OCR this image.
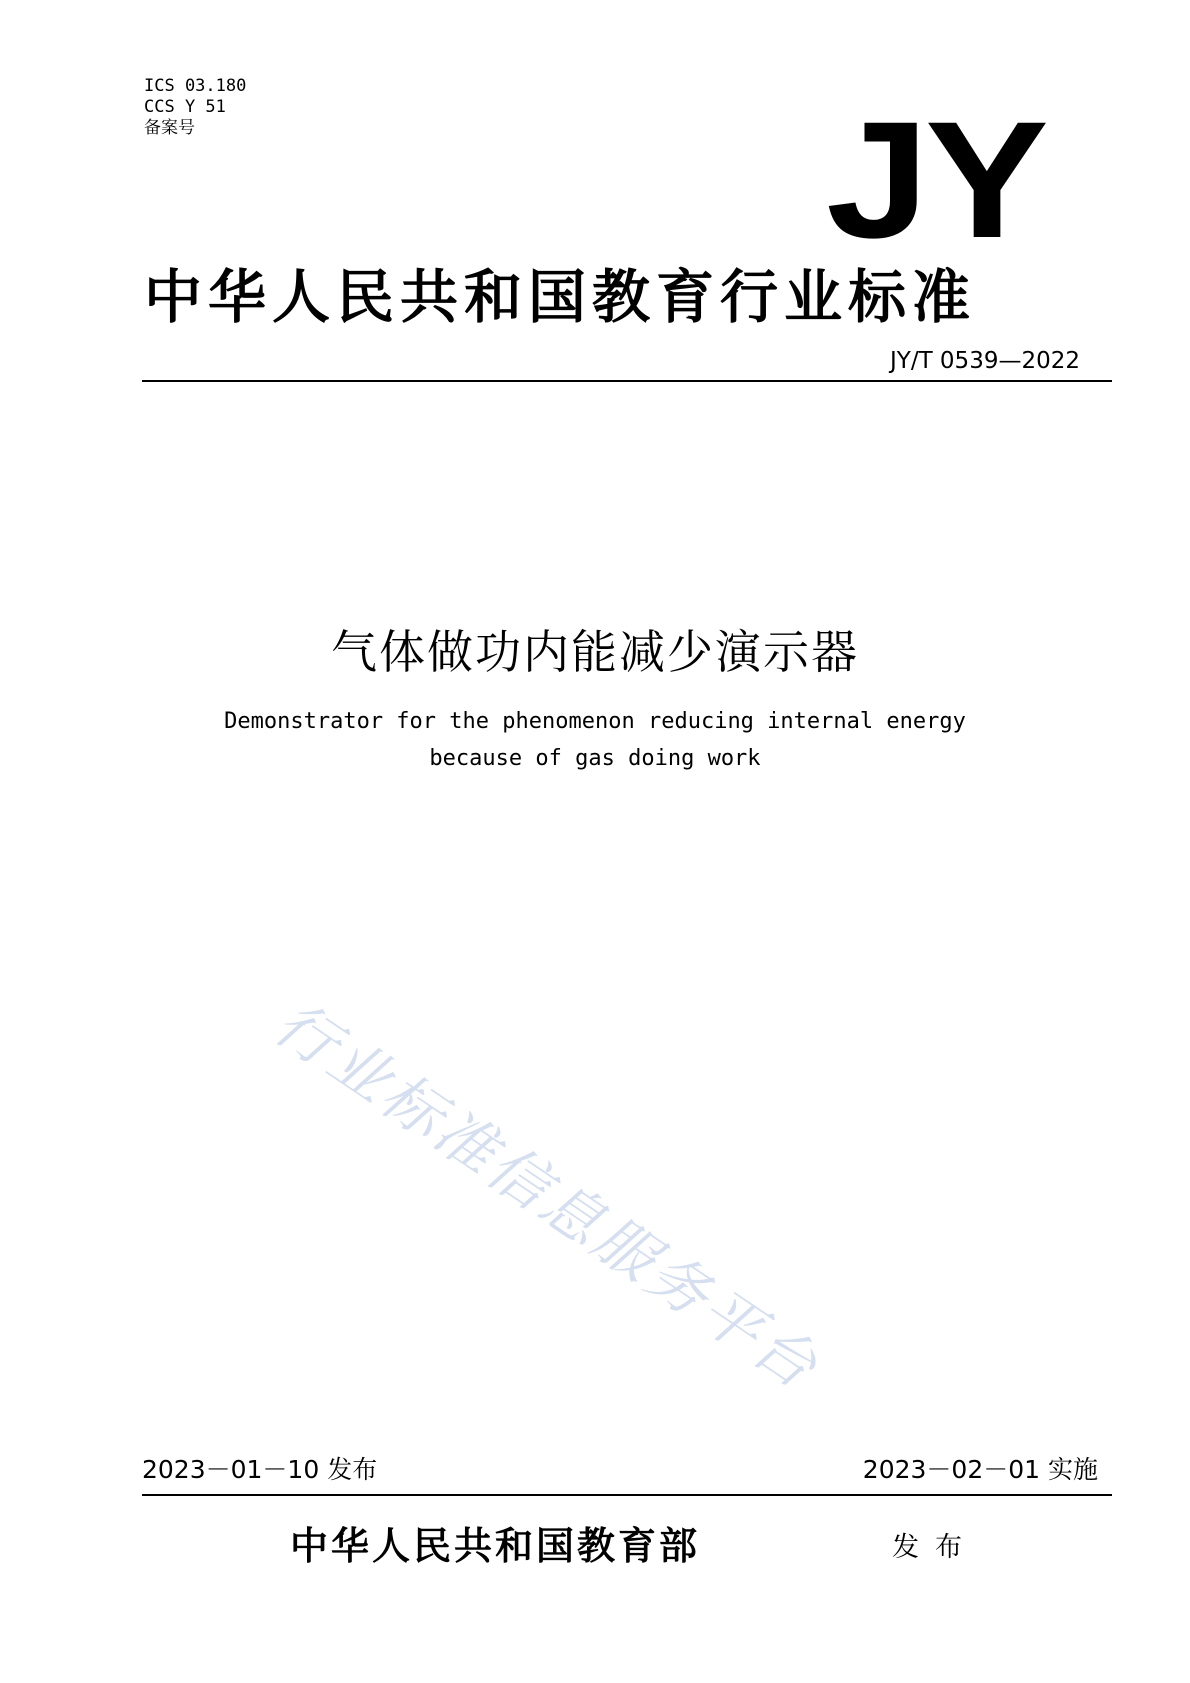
ICS 03.180
CCS Y 51
备案号	JY
中华人民共和国教育行业标准
JY/T 0539—2022
气体做功内能减少演示器
Demonstrator for the phenomenon reducing internal energy
because of gas doing work
行业标准信息服务平台
2023－01－10 发布	2023－02－01 实施
中华人民共和国教育部	发布
